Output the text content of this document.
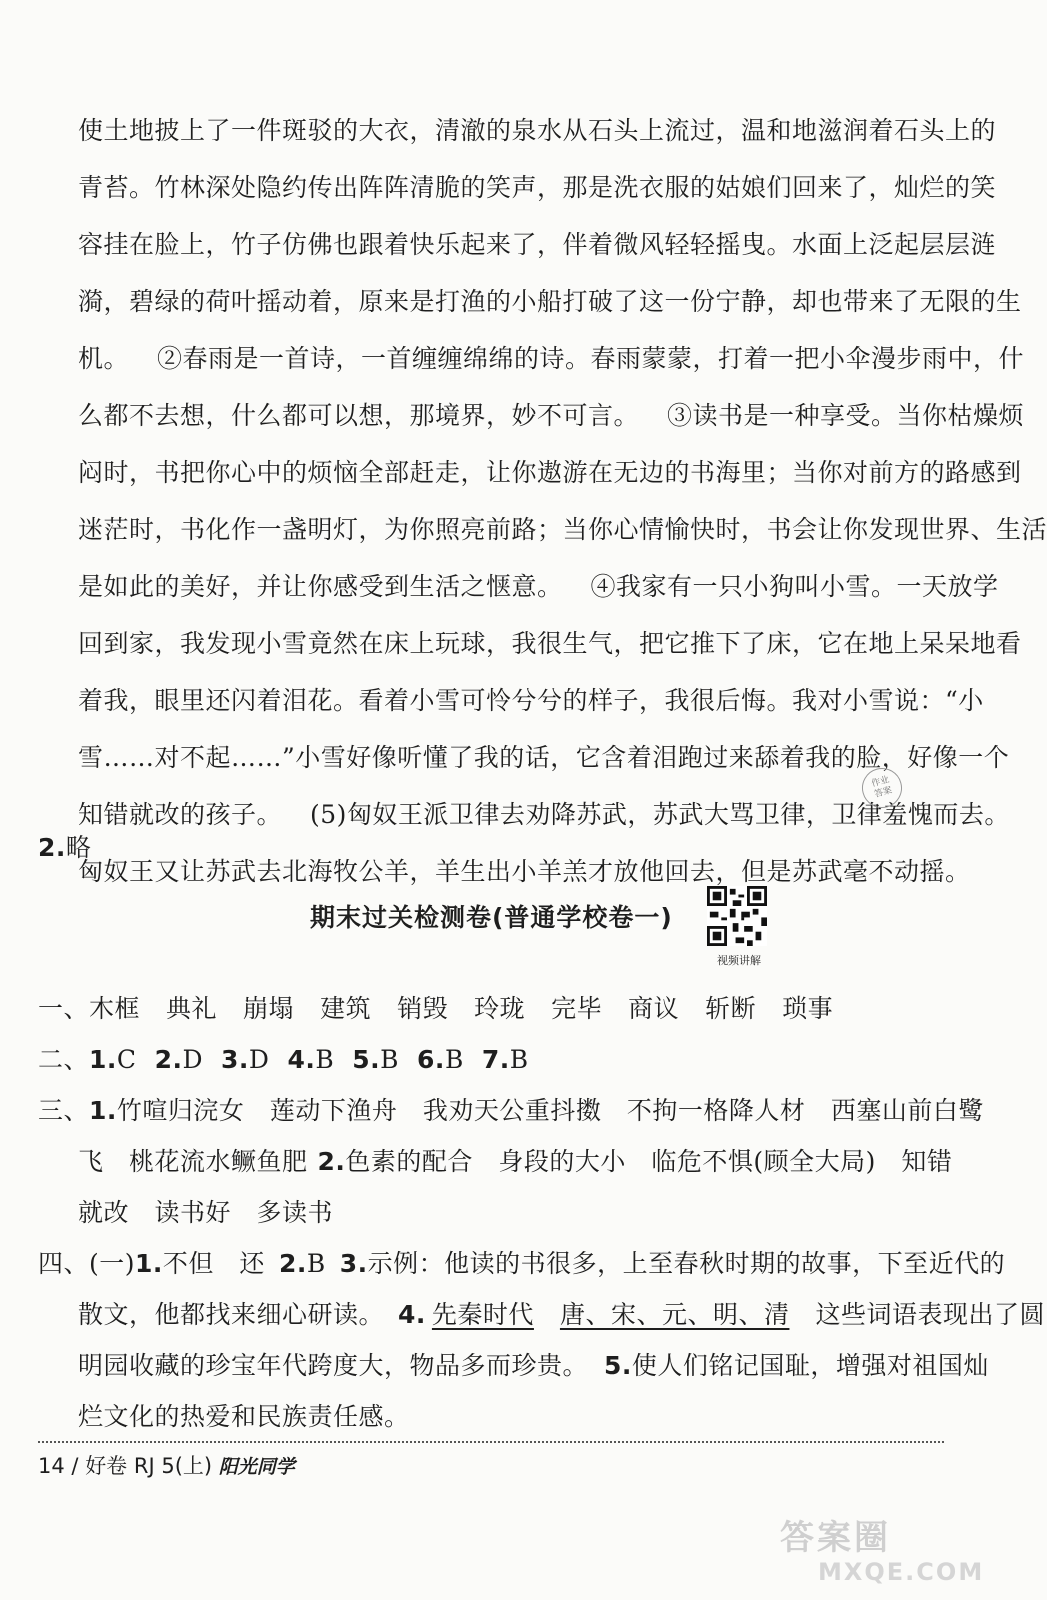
使土地披上了一件斑驳的大衣，清澈的泉水从石头上流过，温和地滋润着石头上的
青苔。竹林深处隐约传出阵阵清脆的笑声，那是洗衣服的姑娘们回来了，灿烂的笑
容挂在脸上，竹子仿佛也跟着快乐起来了，伴着微风轻轻摇曳。水面上泛起层层涟
漪，碧绿的荷叶摇动着，原来是打渔的小船打破了这一份宁静，却也带来了无限的生
机。 ②春雨是一首诗，一首缠缠绵绵的诗。春雨蒙蒙，打着一把小伞漫步雨中，什
么都不去想，什么都可以想，那境界，妙不可言。 ③读书是一种享受。当你枯燥烦
闷时，书把你心中的烦恼全部赶走，让你遨游在无边的书海里；当你对前方的路感到
迷茫时，书化作一盏明灯，为你照亮前路；当你心情愉快时，书会让你发现世界、生活
是如此的美好，并让你感受到生活之惬意。 ④我家有一只小狗叫小雪。一天放学
回到家，我发现小雪竟然在床上玩球，我很生气，把它推下了床，它在地上呆呆地看
着我，眼里还闪着泪花。看着小雪可怜兮兮的样子，我很后悔。我对小雪说：“小
雪……对不起……”小雪好像听懂了我的话，它含着泪跑过来舔着我的脸，好像一个
知错就改的孩子。 (5)匈奴王派卫律去劝降苏武，苏武大骂卫律，卫律羞愧而去。
匈奴王又让苏武去北海牧公羊，羊生出小羊羔才放他回去，但是苏武毫不动摇。
作业
答案
期末过关检测卷(普通学校卷一)
视频讲解
一、木框 典礼 崩塌 建筑 销毁 玲珑 完毕 商议 斩断 琐事
二、1.C 2.D 3.D 4.B 5.B 6.B 7.B
三、1.竹喧归浣女　莲动下渔舟　我劝天公重抖擞　不拘一格降人材　西塞山前白鹭
飞　桃花流水鳜鱼肥 2.色素的配合　身段的大小　临危不惧(顾全大局)　知错
就改　读书好　多读书
四、(一)1.不但　还 2.B 3.示例：他读的书很多，上至春秋时期的故事，下至近代的
散文，他都找来细心研读。 4. 先秦时代 唐、宋、元、明、清 这些词语表现出了圆
明园收藏的珍宝年代跨度大，物品多而珍贵。 5.使人们铭记国耻，增强对祖国灿
烂文化的热爱和民族责任感。
14 / 好卷 RJ 5(上) 阳光同学
答案圈
MXQE.COM
2.略
